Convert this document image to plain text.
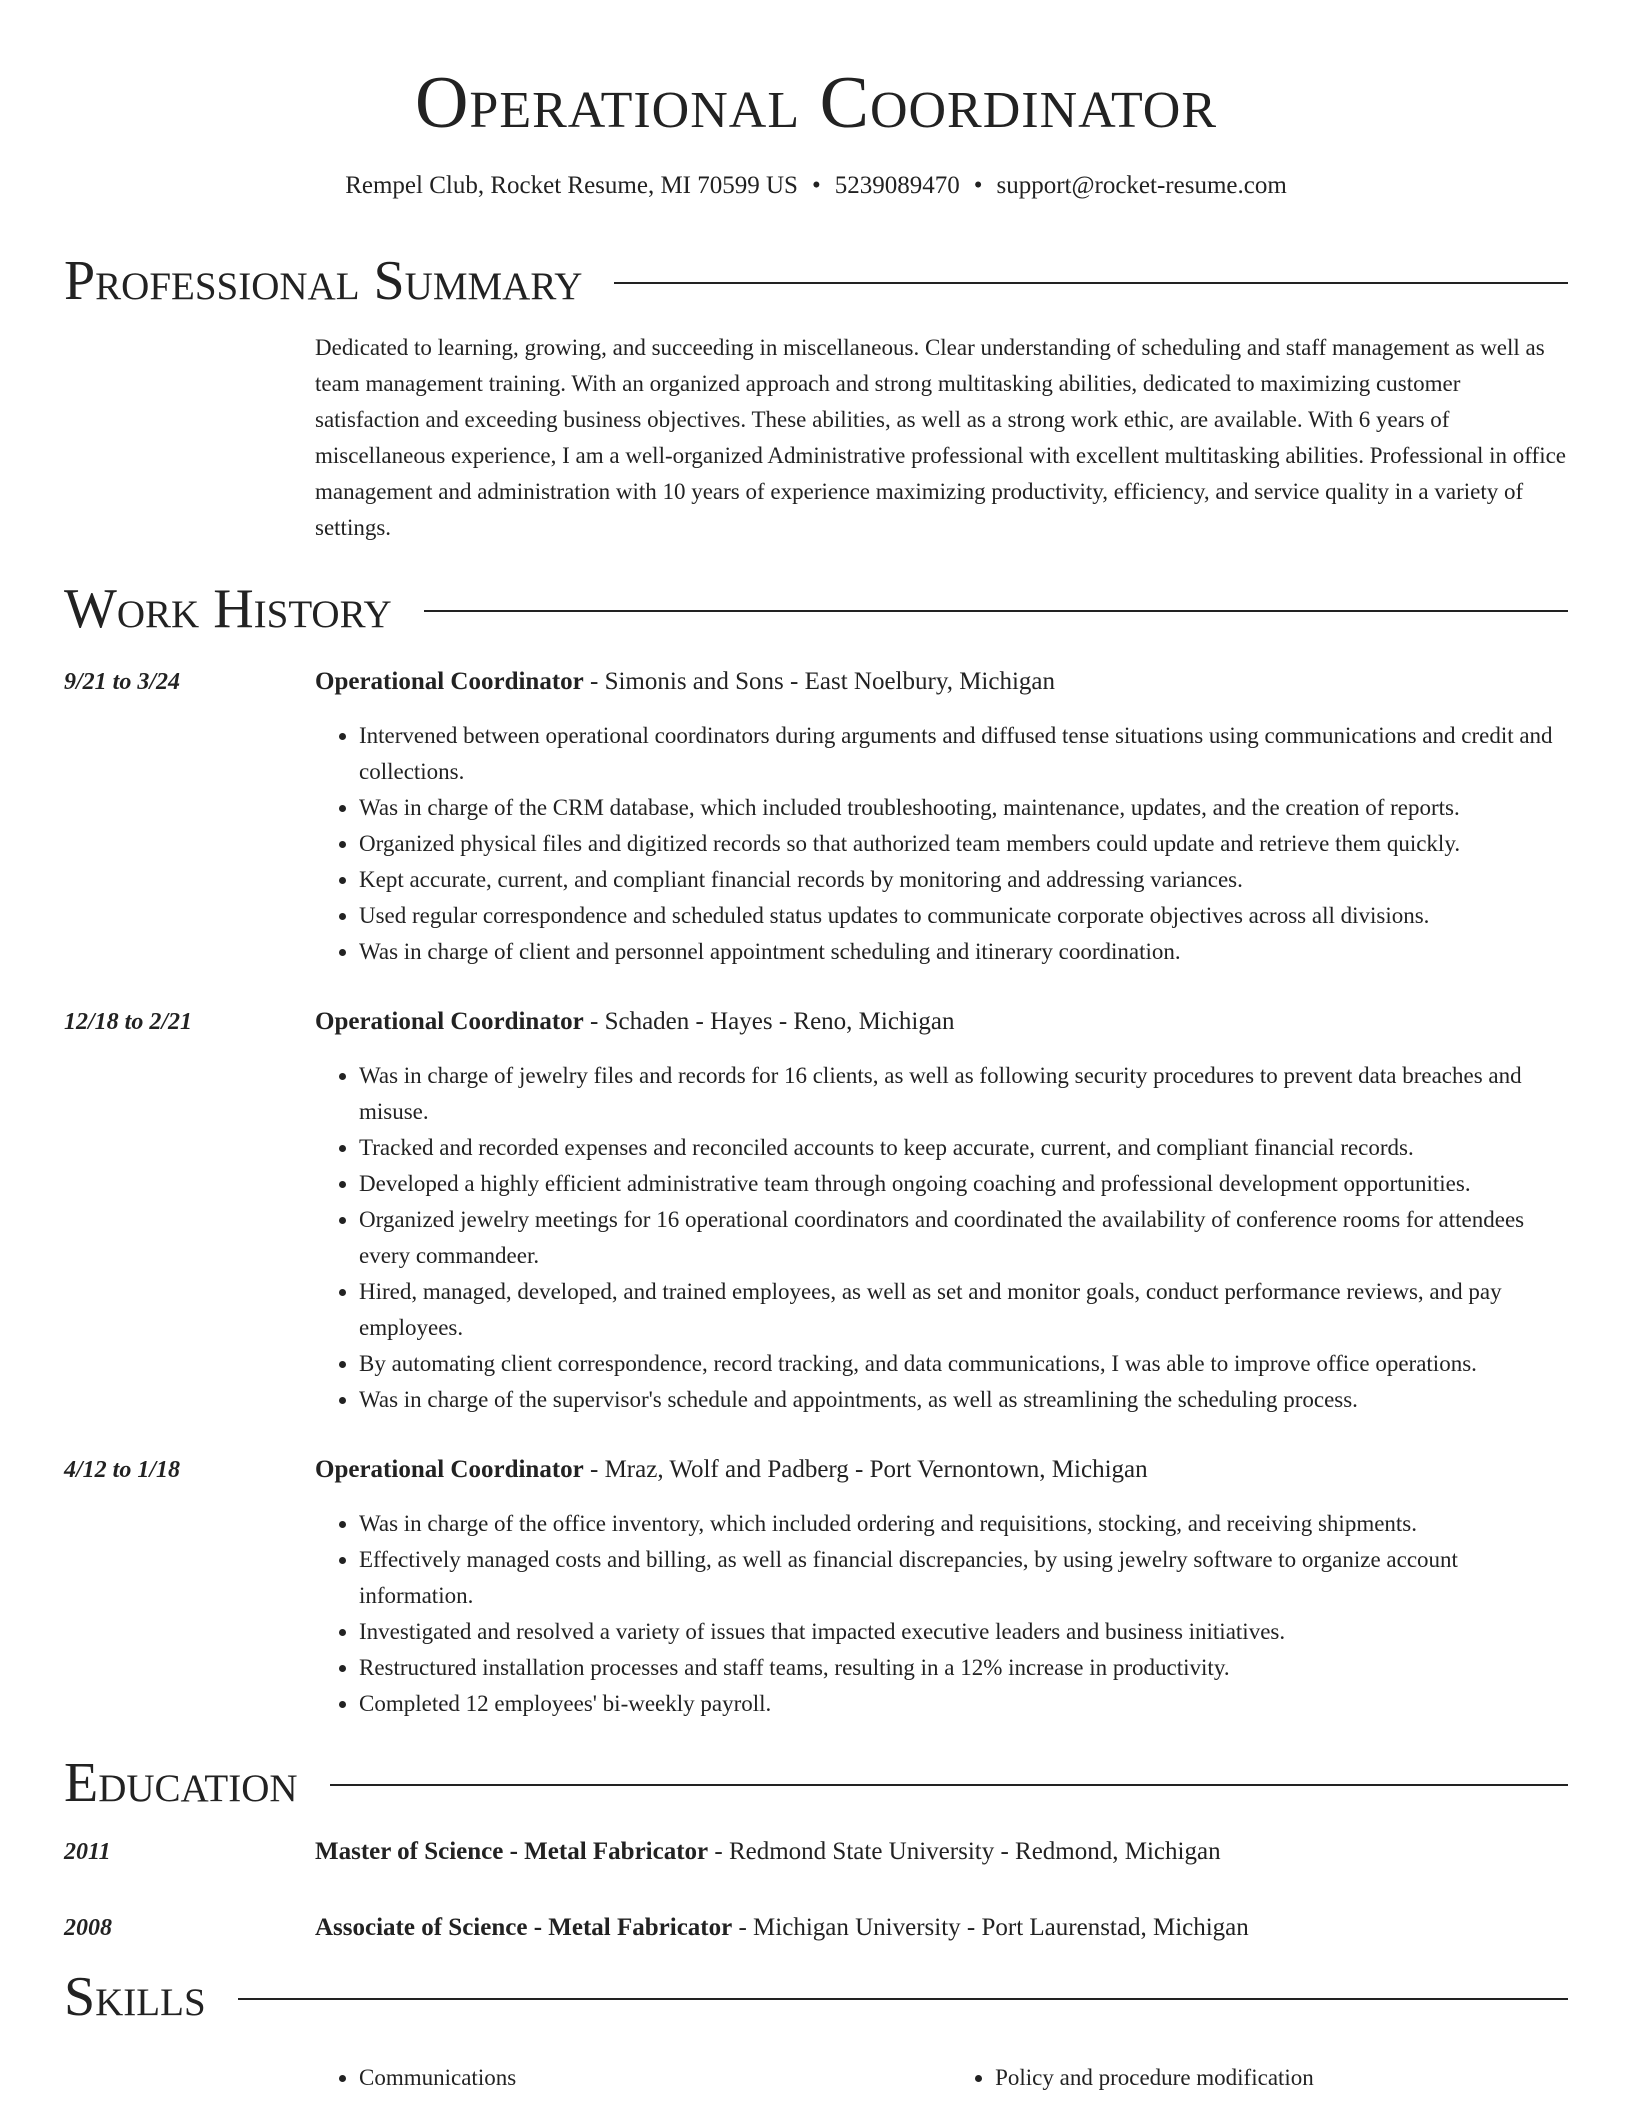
Operational Coordinator
Rempel Club, Rocket Resume, MI 70599 US • 5239089470 • support@rocket-resume.com
Professional Summary
Dedicated to learning, growing, and succeeding in miscellaneous. Clear understanding of scheduling and staff management as well as team management training. With an organized approach and strong multitasking abilities, dedicated to maximizing customer satisfaction and exceeding business objectives. These abilities, as well as a strong work ethic, are available. With 6 years of miscellaneous experience, I am a well-organized Administrative professional with excellent multitasking abilities. Professional in office management and administration with 10 years of experience maximizing productivity, efficiency, and service quality in a variety of settings.
Work History
9/21 to 3/24	Operational Coordinator - Simonis and Sons - East Noelbury, Michigan
• Intervened between operational coordinators during arguments and diffused tense situations using communications and credit and collections.
• Was in charge of the CRM database, which included troubleshooting, maintenance, updates, and the creation of reports.
• Organized physical files and digitized records so that authorized team members could update and retrieve them quickly.
• Kept accurate, current, and compliant financial records by monitoring and addressing variances.
• Used regular correspondence and scheduled status updates to communicate corporate objectives across all divisions.
• Was in charge of client and personnel appointment scheduling and itinerary coordination.
12/18 to 2/21	Operational Coordinator - Schaden - Hayes - Reno, Michigan
• Was in charge of jewelry files and records for 16 clients, as well as following security procedures to prevent data breaches and misuse.
• Tracked and recorded expenses and reconciled accounts to keep accurate, current, and compliant financial records.
• Developed a highly efficient administrative team through ongoing coaching and professional development opportunities.
• Organized jewelry meetings for 16 operational coordinators and coordinated the availability of conference rooms for attendees every commandeer.
• Hired, managed, developed, and trained employees, as well as set and monitor goals, conduct performance reviews, and pay employees.
• By automating client correspondence, record tracking, and data communications, I was able to improve office operations.
• Was in charge of the supervisor's schedule and appointments, as well as streamlining the scheduling process.
4/12 to 1/18	Operational Coordinator - Mraz, Wolf and Padberg - Port Vernontown, Michigan
• Was in charge of the office inventory, which included ordering and requisitions, stocking, and receiving shipments.
• Effectively managed costs and billing, as well as financial discrepancies, by using jewelry software to organize account information.
• Investigated and resolved a variety of issues that impacted executive leaders and business initiatives.
• Restructured installation processes and staff teams, resulting in a 12% increase in productivity.
• Completed 12 employees' bi-weekly payroll.
Education
2011	Master of Science - Metal Fabricator - Redmond State University - Redmond, Michigan
2008	Associate of Science - Metal Fabricator - Michigan University - Port Laurenstad, Michigan
Skills
• Communications
•	Policy and procedure modification
